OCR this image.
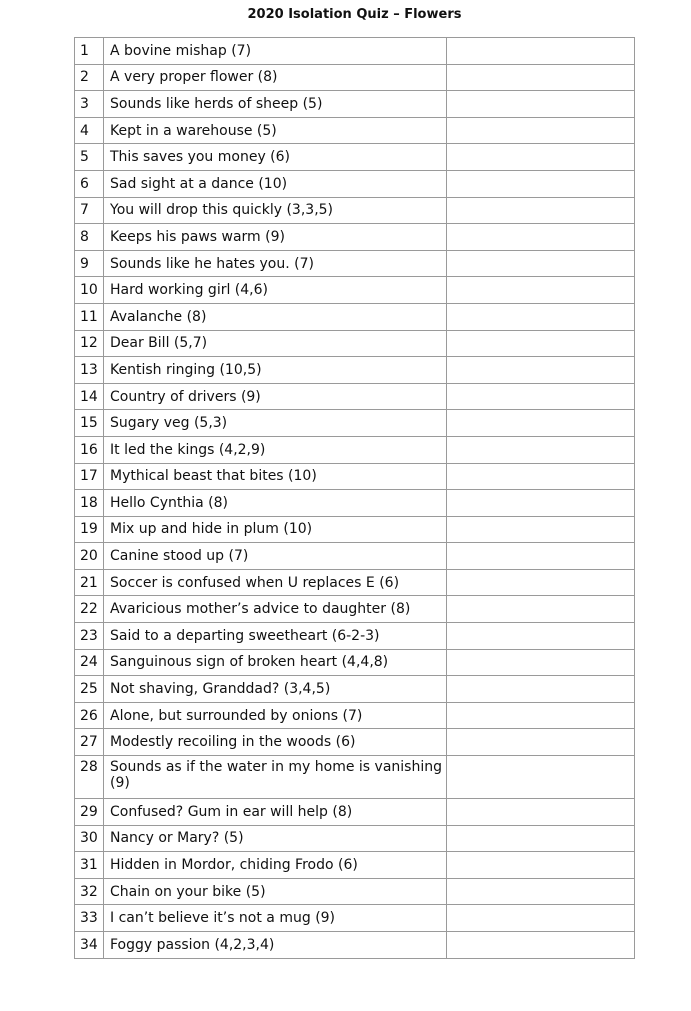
2020 Isolation Quiz – Flowers
1	A bovine mishap (7)	
2	A very proper flower (8)	
3	Sounds like herds of sheep (5)	
4	Kept in a warehouse (5)	
5	This saves you money (6)	
6	Sad sight at a dance (10)	
7	You will drop this quickly (3,3,5)	
8	Keeps his paws warm (9)	
9	Sounds like he hates you. (7)	
10	Hard working girl (4,6)	
11	Avalanche (8)	
12	Dear Bill (5,7)	
13	Kentish ringing (10,5)	
14	Country of drivers (9)	
15	Sugary veg (5,3)	
16	It led the kings (4,2,9)	
17	Mythical beast that bites (10)	
18	Hello Cynthia (8)	
19	Mix up and hide in plum (10)	
20	Canine stood up (7)	
21	Soccer is confused when U replaces E (6)	
22	Avaricious mother’s advice to daughter (8)	
23	Said to a departing sweetheart (6-2-3)	
24	Sanguinous sign of broken heart (4,4,8)	
25	Not shaving, Granddad? (3,4,5)	
26	Alone, but surrounded by onions (7)	
27	Modestly recoiling in the woods (6)	
28	Sounds as if the water in my home is vanishing (9)	
29	Confused? Gum in ear will help (8)	
30	Nancy or Mary? (5)	
31	Hidden in Mordor, chiding Frodo (6)	
32	Chain on your bike (5)	
33	I can’t believe it’s not a mug (9)	
34	Foggy passion (4,2,3,4)	
